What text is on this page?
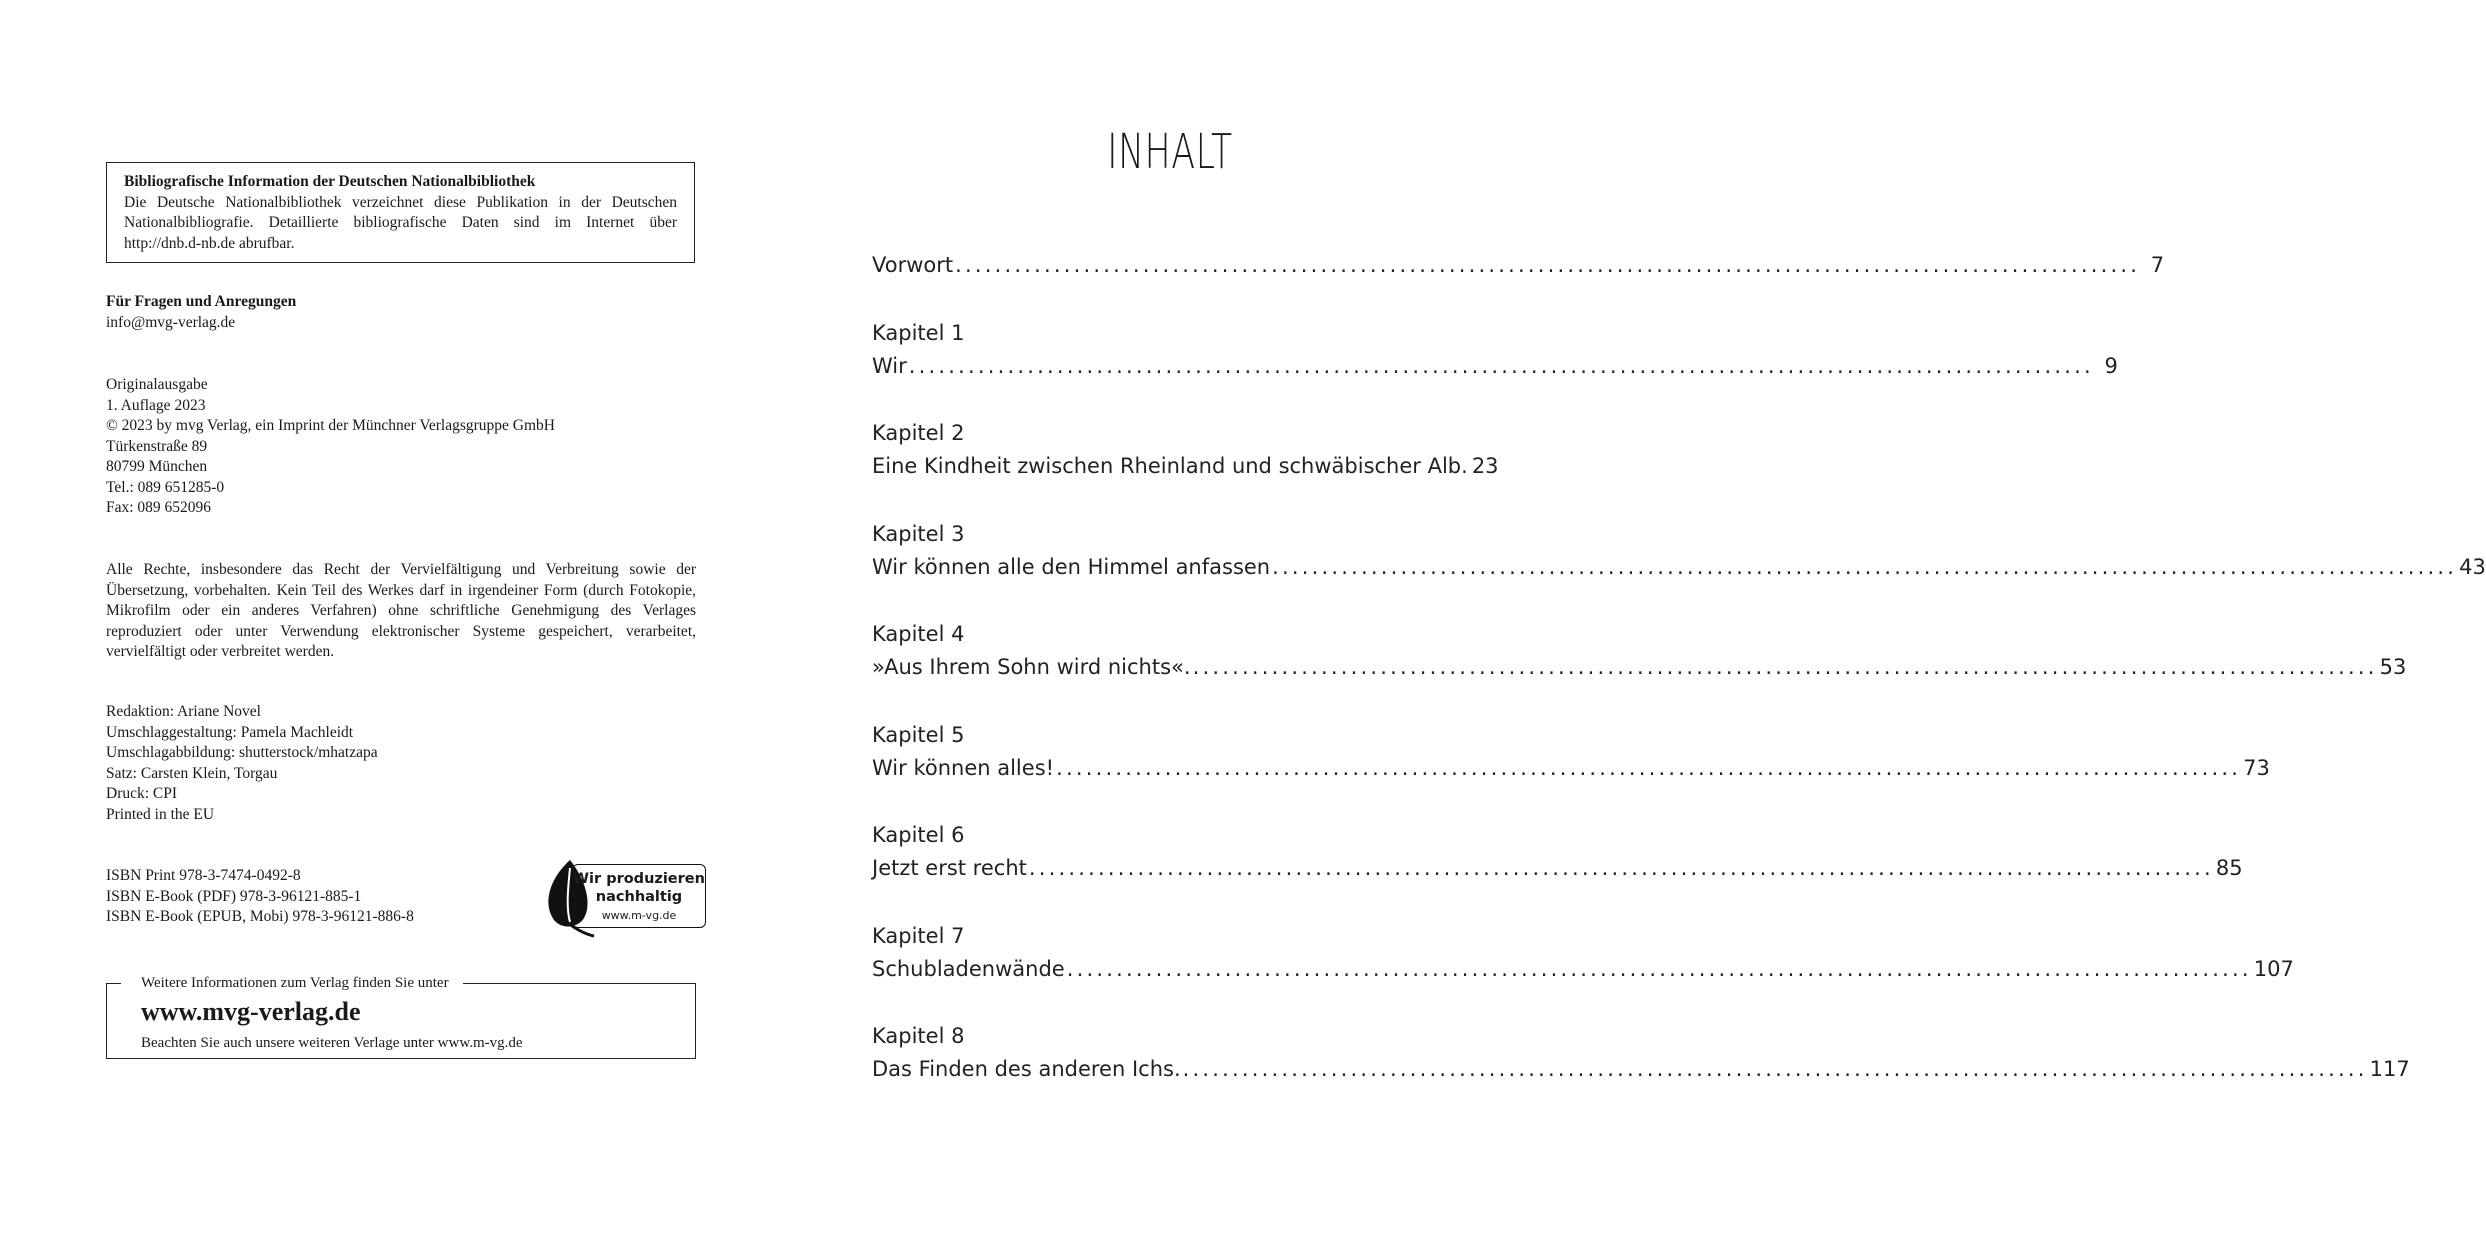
Bibliografische Information der Deutschen Nationalbibliothek
Die Deutsche Nationalbibliothek verzeichnet diese Publikation in der Deutschen Nationalbibliografie. Detaillierte bibliografische Daten sind im Internet über http://dnb.d-nb.de abrufbar.
Für Fragen und Anregungen
info@mvg-verlag.de
Originalausgabe
1. Auflage 2023
© 2023 by mvg Verlag, ein Imprint der Münchner Verlagsgruppe GmbH
Türkenstraße 89
80799 München
Tel.: 089 651285-0
Fax: 089 652096
Alle Rechte, insbesondere das Recht der Vervielfältigung und Verbreitung sowie der Übersetzung, vorbehalten. Kein Teil des Werkes darf in irgendeiner Form (durch Fotokopie, Mikrofilm oder ein anderes Verfahren) ohne schriftliche Genehmigung des Verlages reproduziert oder unter Verwendung elektronischer Systeme gespeichert, verarbeitet, vervielfältigt oder verbreitet werden.
Redaktion: Ariane Novel
Umschlaggestaltung: Pamela Machleidt
Umschlagabbildung: shutterstock/mhatzapa
Satz: Carsten Klein, Torgau
Druck: CPI
Printed in the EU
ISBN Print 978-3-7474-0492-8
ISBN E-Book (PDF) 978-3-96121-885-1
ISBN E-Book (EPUB, Mobi) 978-3-96121-886-8
Wir produzieren
nachhaltig
www.m-vg.de
Weitere Informationen zum Verlag finden Sie unter
www.mvg-verlag.de
Beachten Sie auch unsere weiteren Verlage unter www.m-vg.de
INHALT
Vorwort ........................................................................................................................ 7
Kapitel 1
Wir ........................................................................................................................ 9
Kapitel 2
Eine Kindheit zwischen Rheinland und schwäbischer Alb. 23
Kapitel 3
Wir können alle den Himmel anfassen ........................................................................................................................ 43
Kapitel 4
»Aus Ihrem Sohn wird nichts«. ........................................................................................................................ 53
Kapitel 5
Wir können alles! ........................................................................................................................ 73
Kapitel 6
Jetzt erst recht ........................................................................................................................ 85
Kapitel 7
Schubladenwände ........................................................................................................................ 107
Kapitel 8
Das Finden des anderen Ichs. ........................................................................................................................ 117
